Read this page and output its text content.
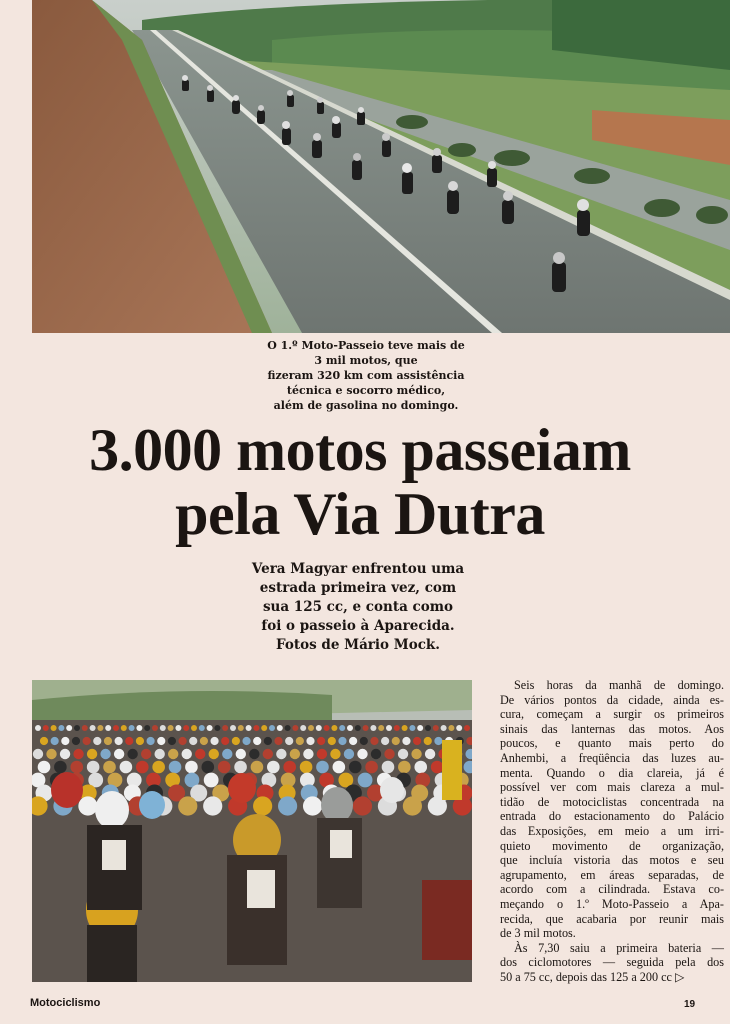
O 1.º Moto-Passeio teve mais de
3 mil motos, que
fizeram 320 km com assistência
técnica e socorro médico,
além de gasolina no domingo.

3.000 motos passeiam
pela Via Dutra

Vera Magyar enfrentou uma
estrada primeira vez, com
sua 125 cc, e conta como
foi o passeio à Aparecida.
Fotos de Mário Mock.

Seis horas da manhã de domingo.
De vários pontos da cidade, ainda es-
cura, começam a surgir os primeiros
sinais das lanternas das motos. Aos
poucos, e quanto mais perto do
Anhembi, a freqüência das luzes au-
menta. Quando o dia clareia, já é
possível ver com mais clareza a mul-
tidão de motociclistas concentrada na
entrada do estacionamento do Palácio
das Exposições, em meio a um irri-
quieto movimento de organização,
que incluía vistoria das motos e seu
agrupamento, em áreas separadas, de
acordo com a cilindrada. Estava co-
meçando o 1.º Moto-Passeio a Apa-
recida, que acabaria por reunir mais
de 3 mil motos.

Às 7,30 saiu a primeira bateria —
dos ciclomotores — seguida pela dos
50 a 75 cc, depois das 125 a 200 cc ▷

Motociclismo	19
